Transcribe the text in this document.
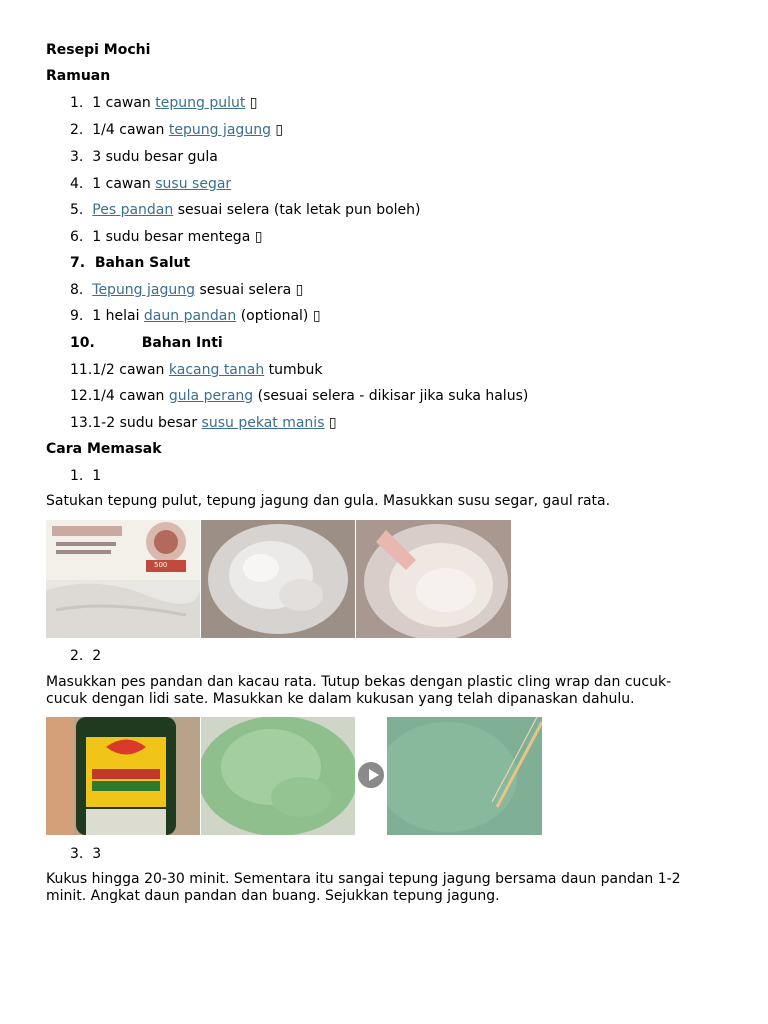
Resepi Mochi
Ramuan
1. 1 cawan tepung pulut ▯
2. 1/4 cawan tepung jagung ▯
3. 3 sudu besar gula
4. 1 cawan susu segar
5. Pes pandan sesuai selera (tak letak pun boleh)
6. 1 sudu besar mentega ▯
7. Bahan Salut
8. Tepung jagung sesuai selera ▯
9. 1 helai daun pandan (optional) ▯
10.	Bahan Inti
11.1/2 cawan kacang tanah tumbuk
12.1/4 cawan gula perang (sesuai selera - dikisar jika suka halus)
13.1-2 sudu besar susu pekat manis ▯
Cara Memasak
1. 1
Satukan tepung pulut, tepung jagung dan gula. Masukkan susu segar, gaul rata.
500
2. 2
Masukkan pes pandan dan kacau rata. Tutup bekas dengan plastic cling wrap dan cucuk-cucuk dengan lidi sate. Masukkan ke dalam kukusan yang telah dipanaskan dahulu.
3. 3
Kukus hingga 20-30 minit. Sementara itu sangai tepung jagung bersama daun pandan 1-2 minit. Angkat daun pandan dan buang. Sejukkan tepung jagung.
